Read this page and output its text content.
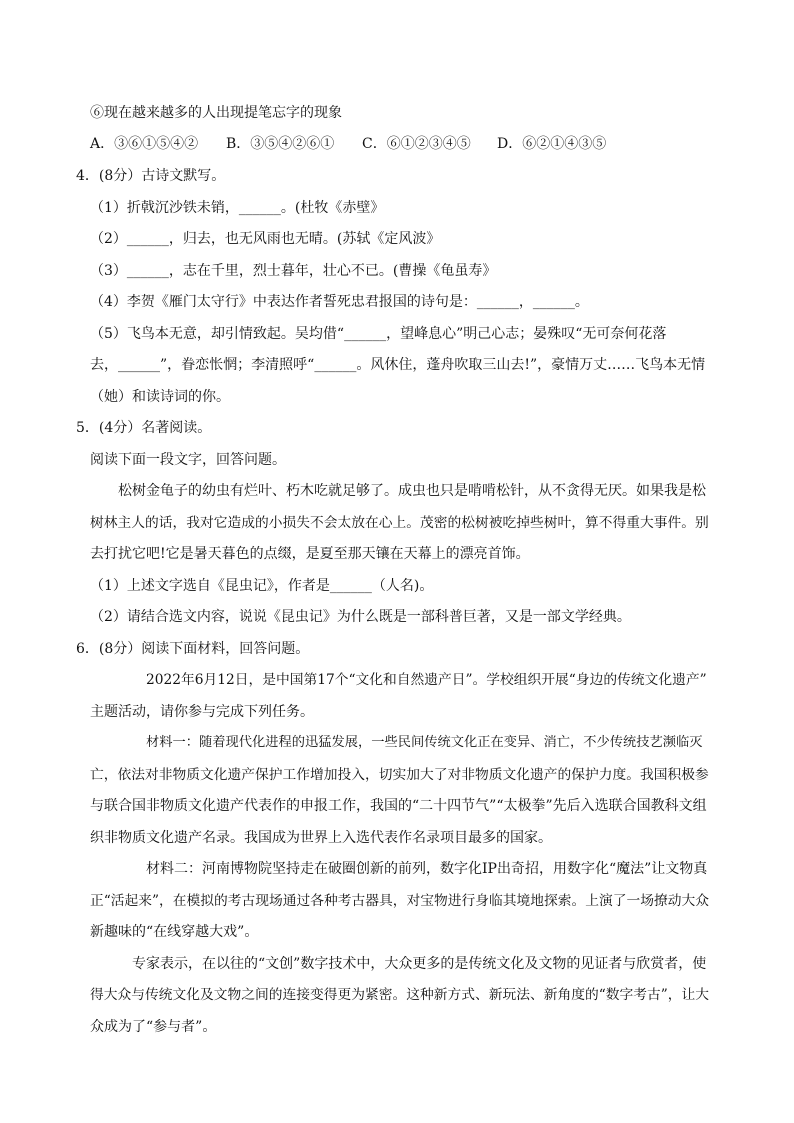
⑥现在越来越多的人出现提笔忘字的现象
A．③⑥①⑤④② B．③⑤④②⑥① C．⑥①②③④⑤ D．⑥②①④③⑤
4．(8分）古诗文默写。
（1）折戟沉沙铁未销，______。(杜牧《赤壁》
（2）______，归去，也无风雨也无晴。(苏轼《定风波》
（3）______，志在千里，烈士暮年，壮心不已。(曹操《龟虽寿》
（4）李贺《雁门太守行》中表达作者誓死忠君报国的诗句是：______，______。
（5）飞鸟本无意，却引情致起。吴均借“______，望峰息心”明己心志；晏殊叹“无可奈何花落
去，______”，眷恋怅惘；李清照呼“______。风休住，蓬舟吹取三山去!”，豪情万丈……飞鸟本无情
（她）和读诗词的你。
5．(4分）名著阅读。
阅读下面一段文字，回答问题。
松树金龟子的幼虫有烂叶、朽木吃就足够了。成虫也只是啃啃松针，从不贪得无厌。如果我是松
树林主人的话，我对它造成的小损失不会太放在心上。茂密的松树被吃掉些树叶，算不得重大事件。别
去打扰它吧!它是暑天暮色的点缀，是夏至那天镶在天幕上的漂亮首饰。
（1）上述文字选自《昆虫记》，作者是______（人名)。
（2）请结合选文内容，说说《昆虫记》为什么既是一部科普巨著，又是一部文学经典。
6．(8分）阅读下面材料，回答问题。
2022年6月12日，是中国第17个“文化和自然遗产日”。学校组织开展“身边的传统文化遗产”
主题活动，请你参与完成下列任务。
材料一：随着现代化进程的迅猛发展，一些民间传统文化正在变异、消亡，不少传统技艺濒临灭
亡，依法对非物质文化遗产保护工作增加投入，切实加大了对非物质文化遗产的保护力度。我国积极参
与联合国非物质文化遗产代表作的申报工作，我国的“二十四节气”“太极拳”先后入选联合国教科文组
织非物质文化遗产名录。我国成为世界上入选代表作名录项目最多的国家。
材料二：河南博物院坚持走在破圈创新的前列，数字化IP出奇招，用数字化“魔法”让文物真
正“活起来”，在模拟的考古现场通过各种考古器具，对宝物进行身临其境地探索。上演了一场撩动大众
新趣味的“在线穿越大戏”。
专家表示，在以往的“文创”数字技术中，大众更多的是传统文化及文物的见证者与欣赏者，使
得大众与传统文化及文物之间的连接变得更为紧密。这种新方式、新玩法、新角度的“数字考古”，让大
众成为了“参与者”。
